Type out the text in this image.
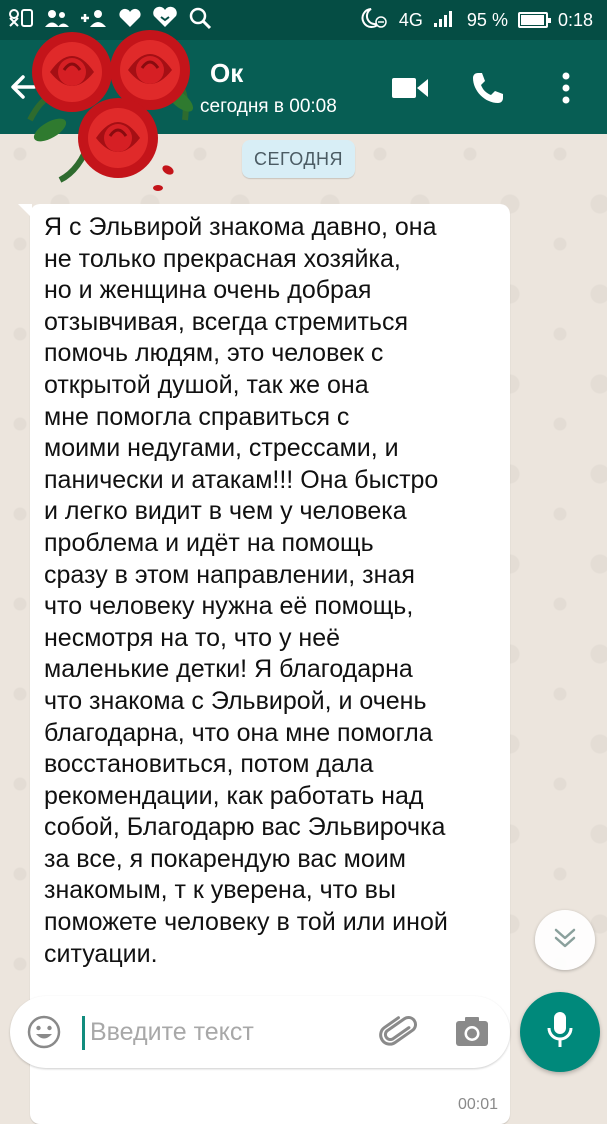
4G 95 %	0:18
Ок
сегодня в 00:08
СЕГОДНЯ
Я с Эльвирой знакома давно, она
не только прекрасная хозяйка,
но и женщина очень добрая
отзывчивая, всегда стремиться
помочь людям, это человек с
открытой душой, так же она
мне помогла справиться с
моими недугами, стрессами, и
панически и атакам!!! Она быстро
и легко видит в чем у человека
проблема и идёт на помощь
сразу в этом направлении, зная
что человеку нужна её помощь,
несмотря на то, что у неё
маленькие детки! Я благодарна
что знакома с Эльвирой, и очень
благодарна, что она мне помогла
восстановиться, потом дала
рекомендации, как работать над
собой, Благодарю вас Эльвирочка
за все, я покарендую вас моим
знакомым, т к уверена, что вы
поможете человеку в той или иной
ситуации.
00:01
Введите текст
